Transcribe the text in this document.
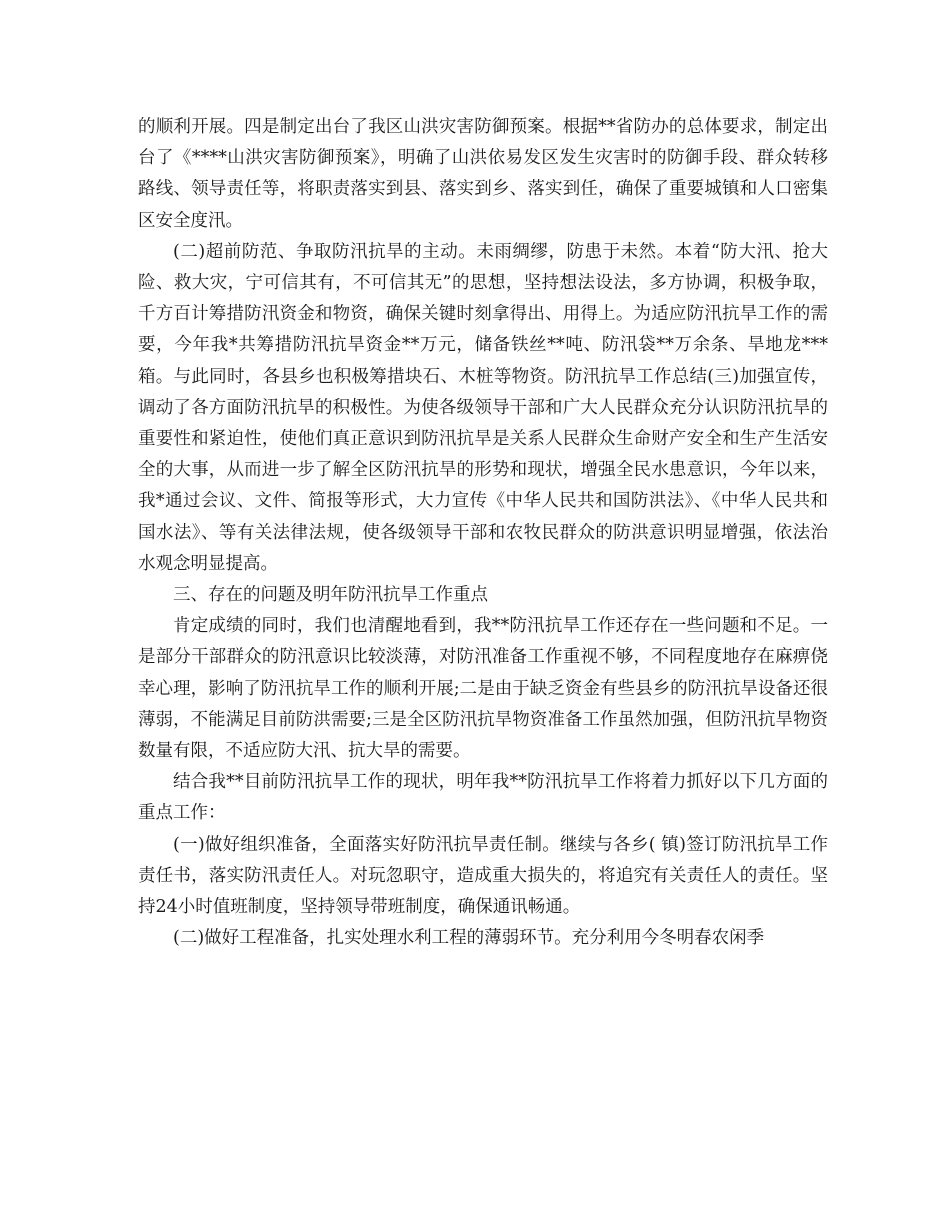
的顺利开展。四是制定出台了我区山洪灾害防御预案。根据**省防办的总体要求，制定出台了《****山洪灾害防御预案》，明确了山洪依易发区发生灾害时的防御手段、群众转移路线、领导责任等，将职责落实到县、落实到乡、落实到任，确保了重要城镇和人口密集区安全度汛。

(二)超前防范、争取防汛抗旱的主动。未雨绸缪，防患于未然。本着“防大汛、抢大险、救大灾，宁可信其有，不可信其无”的思想，坚持想法设法，多方协调，积极争取，千方百计筹措防汛资金和物资，确保关键时刻拿得出、用得上。为适应防汛抗旱工作的需要，今年我*共筹措防汛抗旱资金**万元，储备铁丝**吨、防汛袋**万余条、旱地龙***箱。与此同时，各县乡也积极筹措块石、木桩等物资。防汛抗旱工作总结(三)加强宣传，调动了各方面防汛抗旱的积极性。为使各级领导干部和广大人民群众充分认识防汛抗旱的重要性和紧迫性，使他们真正意识到防汛抗旱是关系人民群众生命财产安全和生产生活安全的大事，从而进一步了解全区防汛抗旱的形势和现状，增强全民水患意识，今年以来，我*通过会议、文件、简报等形式，大力宣传《中华人民共和国防洪法》、《中华人民共和国水法》、等有关法律法规，使各级领导干部和农牧民群众的防洪意识明显增强，依法治水观念明显提高。

三、存在的问题及明年防汛抗旱工作重点

肯定成绩的同时，我们也清醒地看到，我**防汛抗旱工作还存在一些问题和不足。一是部分干部群众的防汛意识比较淡薄，对防汛准备工作重视不够，不同程度地存在麻痹侥幸心理，影响了防汛抗旱工作的顺利开展;二是由于缺乏资金有些县乡的防汛抗旱设备还很薄弱，不能满足目前防洪需要;三是全区防汛抗旱物资准备工作虽然加强，但防汛抗旱物资数量有限，不适应防大汛、抗大旱的需要。

结合我**目前防汛抗旱工作的现状，明年我**防汛抗旱工作将着力抓好以下几方面的重点工作：

(一)做好组织准备，全面落实好防汛抗旱责任制。继续与各乡( 镇)签订防汛抗旱工作责任书，落实防汛责任人。对玩忽职守，造成重大损失的，将追究有关责任人的责任。坚持24小时值班制度，坚持领导带班制度，确保通讯畅通。

(二)做好工程准备，扎实处理水利工程的薄弱环节。充分利用今冬明春农闲季
